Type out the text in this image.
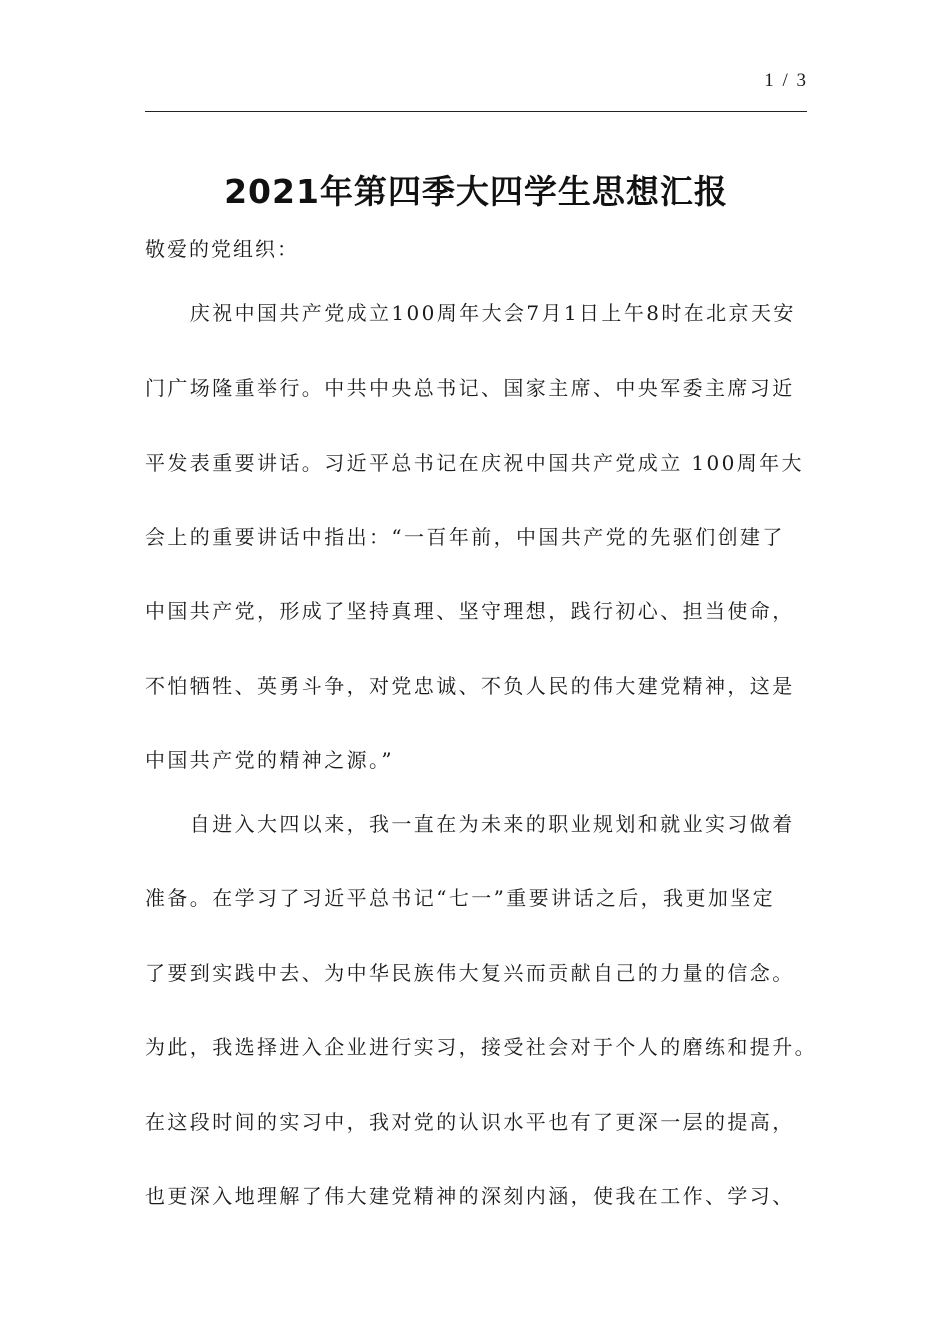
1 / 3
2021年第四季大四学生思想汇报
敬爱的党组织：
　　庆祝中国共产党成立100周年大会7月1日上午8时在北京天安
门广场隆重举行。中共中央总书记、国家主席、中央军委主席习近
平发表重要讲话。习近平总书记在庆祝中国共产党成立 100周年大
会上的重要讲话中指出：“一百年前，中国共产党的先驱们创建了
中国共产党，形成了坚持真理、坚守理想，践行初心、担当使命，
不怕牺牲、英勇斗争，对党忠诚、不负人民的伟大建党精神，这是
中国共产党的精神之源。”
　　自进入大四以来，我一直在为未来的职业规划和就业实习做着
准备。在学习了习近平总书记“七一”重要讲话之后，我更加坚定
了要到实践中去、为中华民族伟大复兴而贡献自己的力量的信念。
为此，我选择进入企业进行实习，接受社会对于个人的磨练和提升。
在这段时间的实习中，我对党的认识水平也有了更深一层的提高，
也更深入地理解了伟大建党精神的深刻内涵，使我在工作、学习、
